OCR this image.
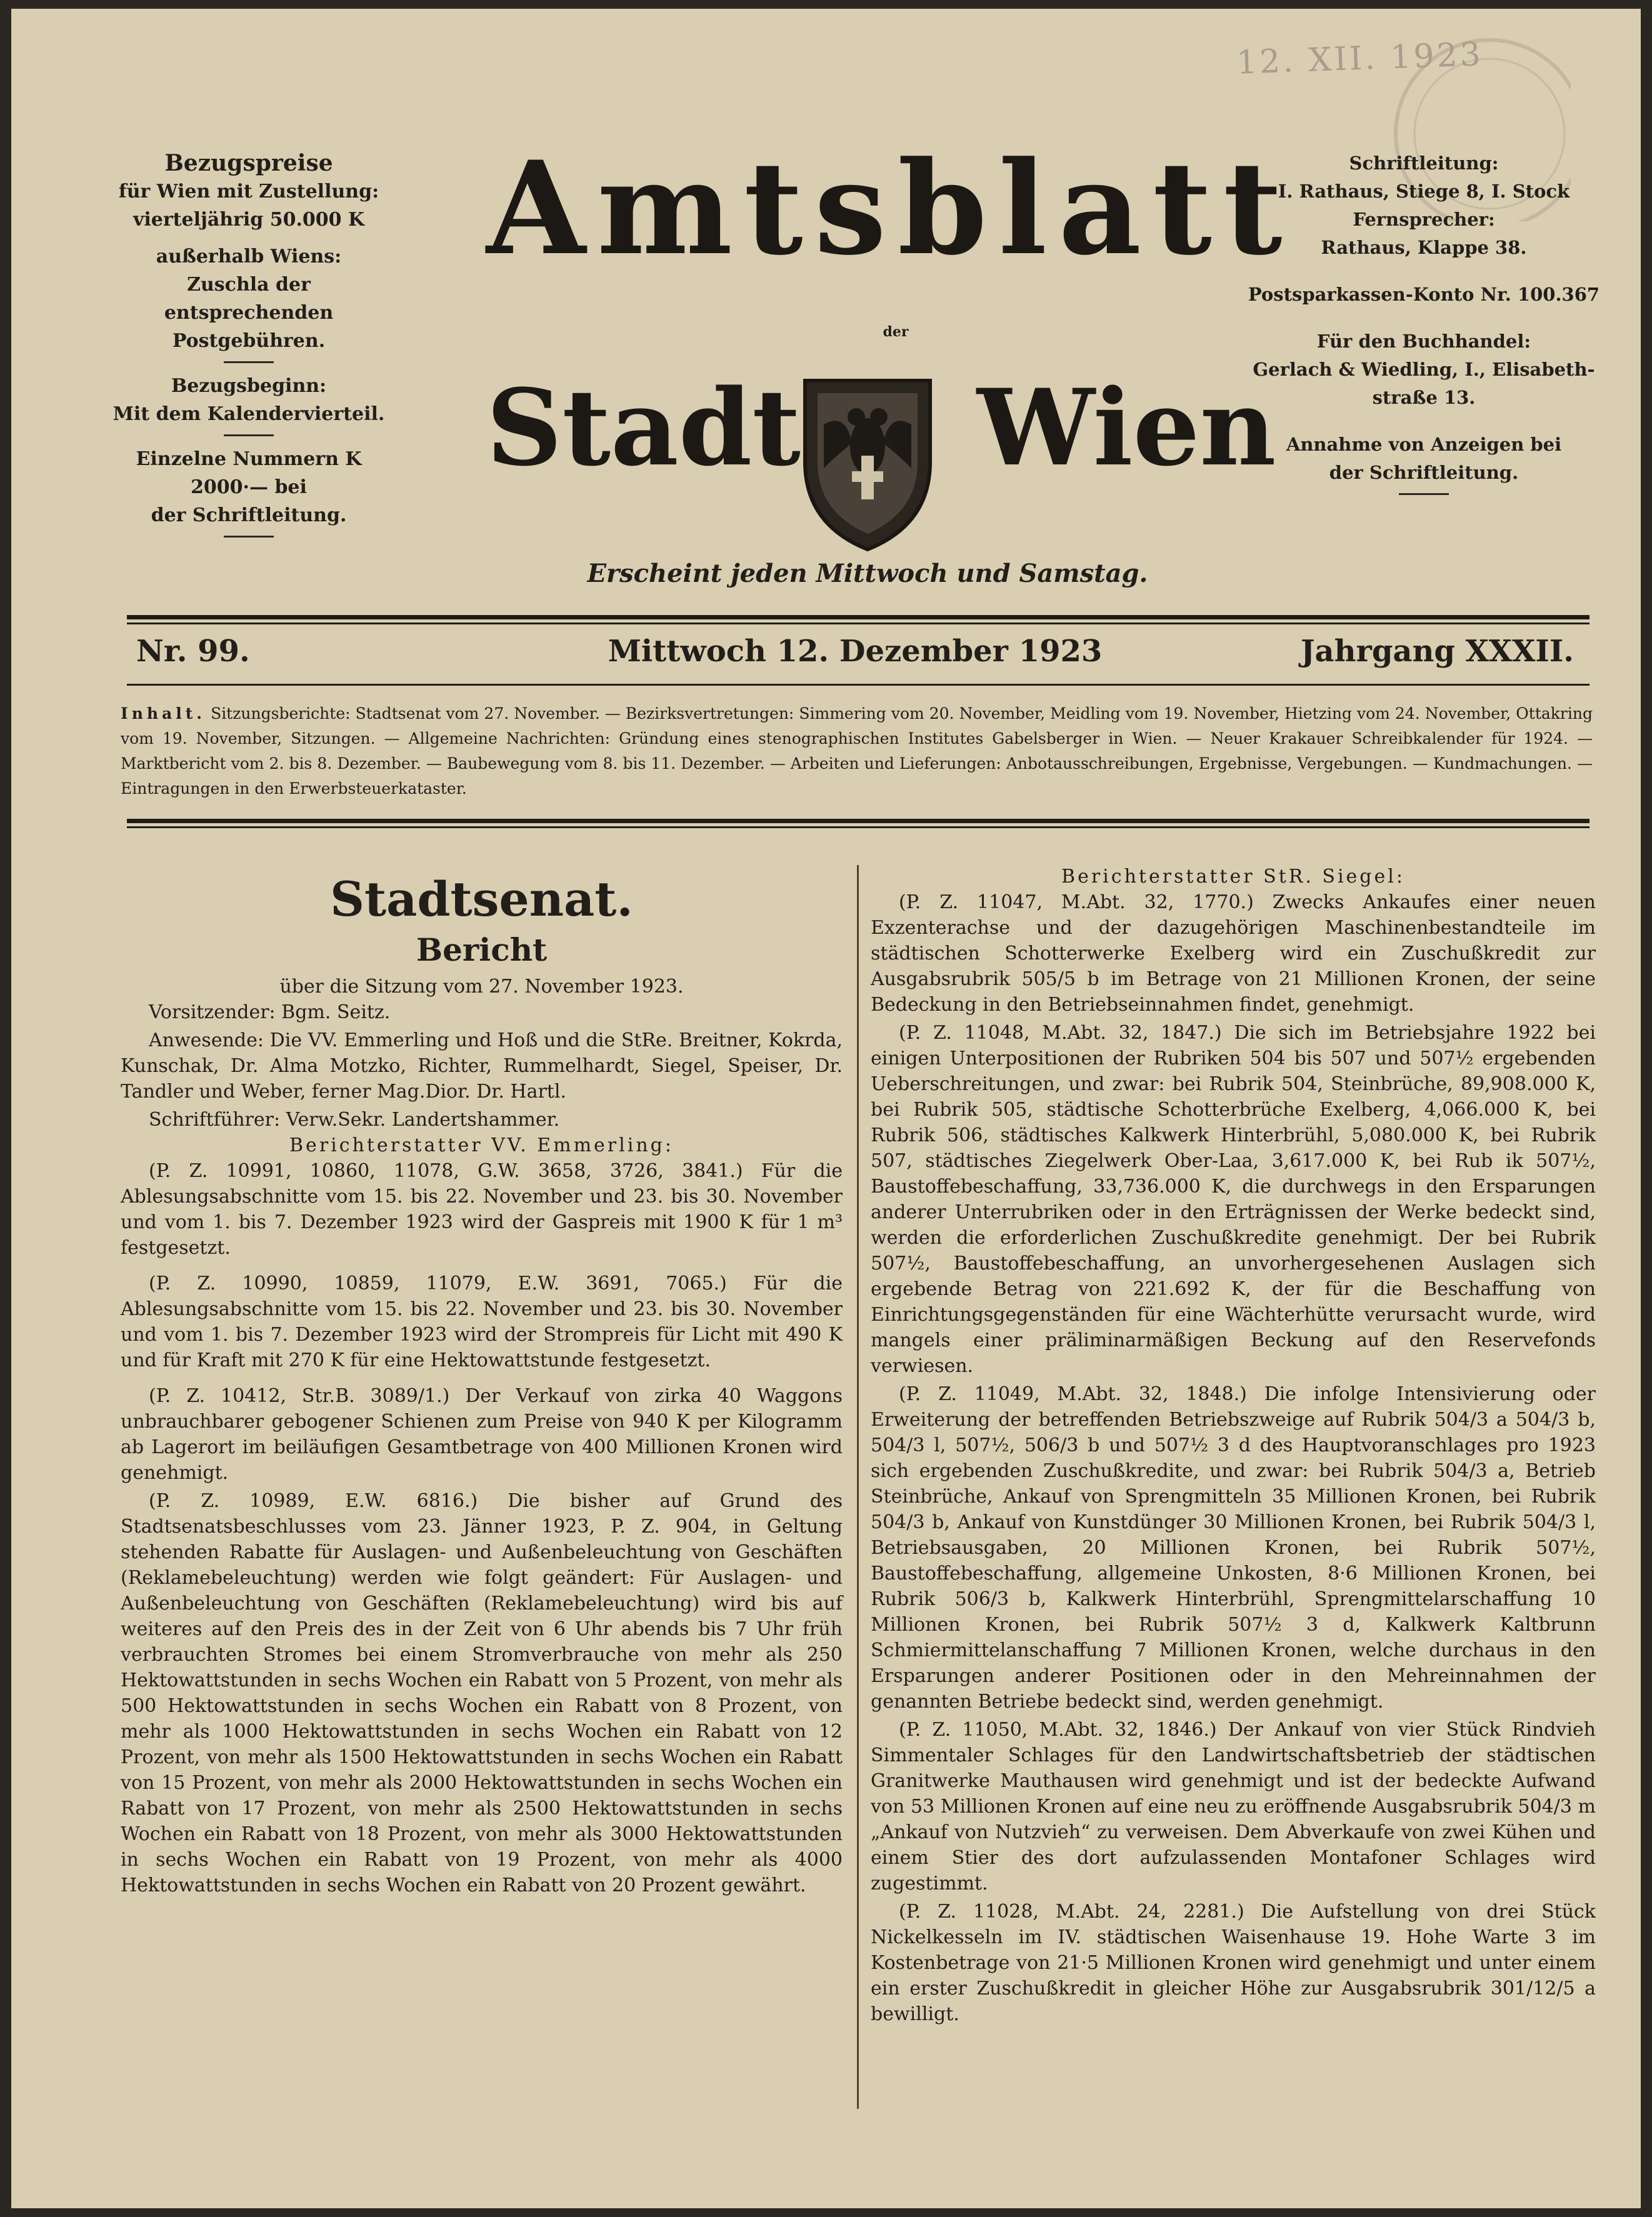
12. XII. 1923
Bezugspreise
für Wien mit Zustellung:
vierteljährig 50.000 K
außerhalb Wiens:
Zuschla der entsprechenden
Postgebühren.
Bezugsbeginn:
Mit dem Kalendervierteil.
Einzelne Nummern K 2000·— bei
der Schriftleitung.
Amtsblatt
der
Stadt Wien
Erscheint jeden Mittwoch und Samstag.
Schriftleitung:
I. Rathaus, Stiege 8, I. Stock
Fernsprecher:
Rathaus, Klappe 38.
Postsparkassen-Konto Nr. 100.367
Für den Buchhandel:
Gerlach & Wiedling, I., Elisabeth-
straße 13.
Annahme von Anzeigen bei
der Schriftleitung.
Nr. 99.	Mittwoch 12. Dezember 1923	Jahrgang XXXII.
Inhalt. Sitzungsberichte: Stadtsenat vom 27. November. — Bezirksvertretungen: Simmering vom 20. November, Meidling vom 19. November, Hietzing vom 24. November, Ottakring vom 19. November, Sitzungen. — Allgemeine Nachrichten: Gründung eines stenographischen Institutes Gabelsberger in Wien. — Neuer Krakauer Schreibkalender für 1924. — Marktbericht vom 2. bis 8. Dezember. — Baubewegung vom 8. bis 11. Dezember. — Arbeiten und Lieferungen: Anbotausschreibungen, Ergebnisse, Vergebungen. — Kundmachungen. — Eintragungen in den Erwerbsteuerkataster.
Stadtsenat.
Bericht
über die Sitzung vom 27. November 1923.

Vorsitzender: Bgm. Seitz.

Anwesende: Die VV. Emmerling und Hoß und die StRe. Breitner, Kokrda, Kunschak, Dr. Alma Motzko, Richter, Rummelhardt, Siegel, Speiser, Dr. Tandler und Weber, ferner Mag.Dior. Dr. Hartl.

Schriftführer: Verw.Sekr. Landertshammer.

Berichterstatter VV. Emmerling:

(P. Z. 10991, 10860, 11078, G.W. 3658, 3726, 3841.) Für die Ablesungsabschnitte vom 15. bis 22. November und 23. bis 30. November und vom 1. bis 7. Dezember 1923 wird der Gaspreis mit 1900 K für 1 m³ festgesetzt.

(P. Z. 10990, 10859, 11079, E.W. 3691, 7065.) Für die Ablesungsabschnitte vom 15. bis 22. November und 23. bis 30. November und vom 1. bis 7. Dezember 1923 wird der Strompreis für Licht mit 490 K und für Kraft mit 270 K für eine Hektowattstunde festgesetzt.

(P. Z. 10412, Str.B. 3089/1.) Der Verkauf von zirka 40 Waggons unbrauchbarer gebogener Schienen zum Preise von 940 K per Kilogramm ab Lagerort im beiläufigen Gesamtbetrage von 400 Millionen Kronen wird genehmigt.

(P. Z. 10989, E.W. 6816.) Die bisher auf Grund des Stadtsenatsbeschlusses vom 23. Jänner 1923, P. Z. 904, in Geltung stehenden Rabatte für Auslagen- und Außenbeleuchtung von Geschäften (Reklamebeleuchtung) werden wie folgt geändert: Für Auslagen- und Außenbeleuchtung von Geschäften (Reklamebeleuchtung) wird bis auf weiteres auf den Preis des in der Zeit von 6 Uhr abends bis 7 Uhr früh verbrauchten Stromes bei einem Stromverbrauche von mehr als 250 Hektowattstunden in sechs Wochen ein Rabatt von 5 Prozent, von mehr als 500 Hektowattstunden in sechs Wochen ein Rabatt von 8 Prozent, von mehr als 1000 Hektowattstunden in sechs Wochen ein Rabatt von 12 Prozent, von mehr als 1500 Hektowattstunden in sechs Wochen ein Rabatt von 15 Prozent, von mehr als 2000 Hektowattstunden in sechs Wochen ein Rabatt von 17 Prozent, von mehr als 2500 Hektowattstunden in sechs Wochen ein Rabatt von 18 Prozent, von mehr als 3000 Hektowattstunden in sechs Wochen ein Rabatt von 19 Prozent, von mehr als 4000 Hektowattstunden in sechs Wochen ein Rabatt von 20 Prozent gewährt.

Berichterstatter StR. Siegel:

(P. Z. 11047, M.Abt. 32, 1770.) Zwecks Ankaufes einer neuen Exzenterachse und der dazugehörigen Maschinenbestandteile im städtischen Schotterwerke Exelberg wird ein Zuschußkredit zur Ausgabsrubrik 505/5 b im Betrage von 21 Millionen Kronen, der seine Bedeckung in den Betriebseinnahmen findet, genehmigt.

(P. Z. 11048, M.Abt. 32, 1847.) Die sich im Betriebsjahre 1922 bei einigen Unterpositionen der Rubriken 504 bis 507 und 507½ ergebenden Ueberschreitungen, und zwar: bei Rubrik 504, Steinbrüche, 89,908.000 K, bei Rubrik 505, städtische Schotterbrüche Exelberg, 4,066.000 K, bei Rubrik 506, städtisches Kalkwerk Hinterbrühl, 5,080.000 K, bei Rubrik 507, städtisches Ziegelwerk Ober-Laa, 3,617.000 K, bei Rub ik 507½, Baustoffebeschaffung, 33,736.000 K, die durchwegs in den Ersparungen anderer Unterrubriken oder in den Erträgnissen der Werke bedeckt sind, werden die erforderlichen Zuschußkredite genehmigt. Der bei Rubrik 507½, Baustoffebeschaffung, an unvorhergesehenen Auslagen sich ergebende Betrag von 221.692 K, der für die Beschaffung von Einrichtungsgegenständen für eine Wächterhütte verursacht wurde, wird mangels einer präliminarmäßigen Beckung auf den Reservefonds verwiesen.

(P. Z. 11049, M.Abt. 32, 1848.) Die infolge Intensivierung oder Erweiterung der betreffenden Betriebszweige auf Rubrik 504/3 a 504/3 b, 504/3 l, 507½, 506/3 b und 507½ 3 d des Hauptvoranschlages pro 1923 sich ergebenden Zuschußkredite, und zwar: bei Rubrik 504/3 a, Betrieb Steinbrüche, Ankauf von Sprengmitteln 35 Millionen Kronen, bei Rubrik 504/3 b, Ankauf von Kunstdünger 30 Millionen Kronen, bei Rubrik 504/3 l, Betriebsausgaben, 20 Millionen Kronen, bei Rubrik 507½, Baustoffebeschaffung, allgemeine Unkosten, 8·6 Millionen Kronen, bei Rubrik 506/3 b, Kalkwerk Hinterbrühl, Sprengmittelarschaffung 10 Millionen Kronen, bei Rubrik 507½ 3 d, Kalkwerk Kaltbrunn Schmiermittelanschaffung 7 Millionen Kronen, welche durchaus in den Ersparungen anderer Positionen oder in den Mehreinnahmen der genannten Betriebe bedeckt sind, werden genehmigt.

(P. Z. 11050, M.Abt. 32, 1846.) Der Ankauf von vier Stück Rindvieh Simmentaler Schlages für den Landwirtschaftsbetrieb der städtischen Granitwerke Mauthausen wird genehmigt und ist der bedeckte Aufwand von 53 Millionen Kronen auf eine neu zu eröffnende Ausgabsrubrik 504/3 m „Ankauf von Nutzvieh“ zu verweisen. Dem Abverkaufe von zwei Kühen und einem Stier des dort aufzulassenden Montafoner Schlages wird zugestimmt.

(P. Z. 11028, M.Abt. 24, 2281.) Die Aufstellung von drei Stück Nickelkesseln im IV. städtischen Waisenhause 19. Hohe Warte 3 im Kostenbetrage von 21·5 Millionen Kronen wird genehmigt und unter einem ein erster Zuschußkredit in gleicher Höhe zur Ausgabsrubrik 301/12/5 a bewilligt.
